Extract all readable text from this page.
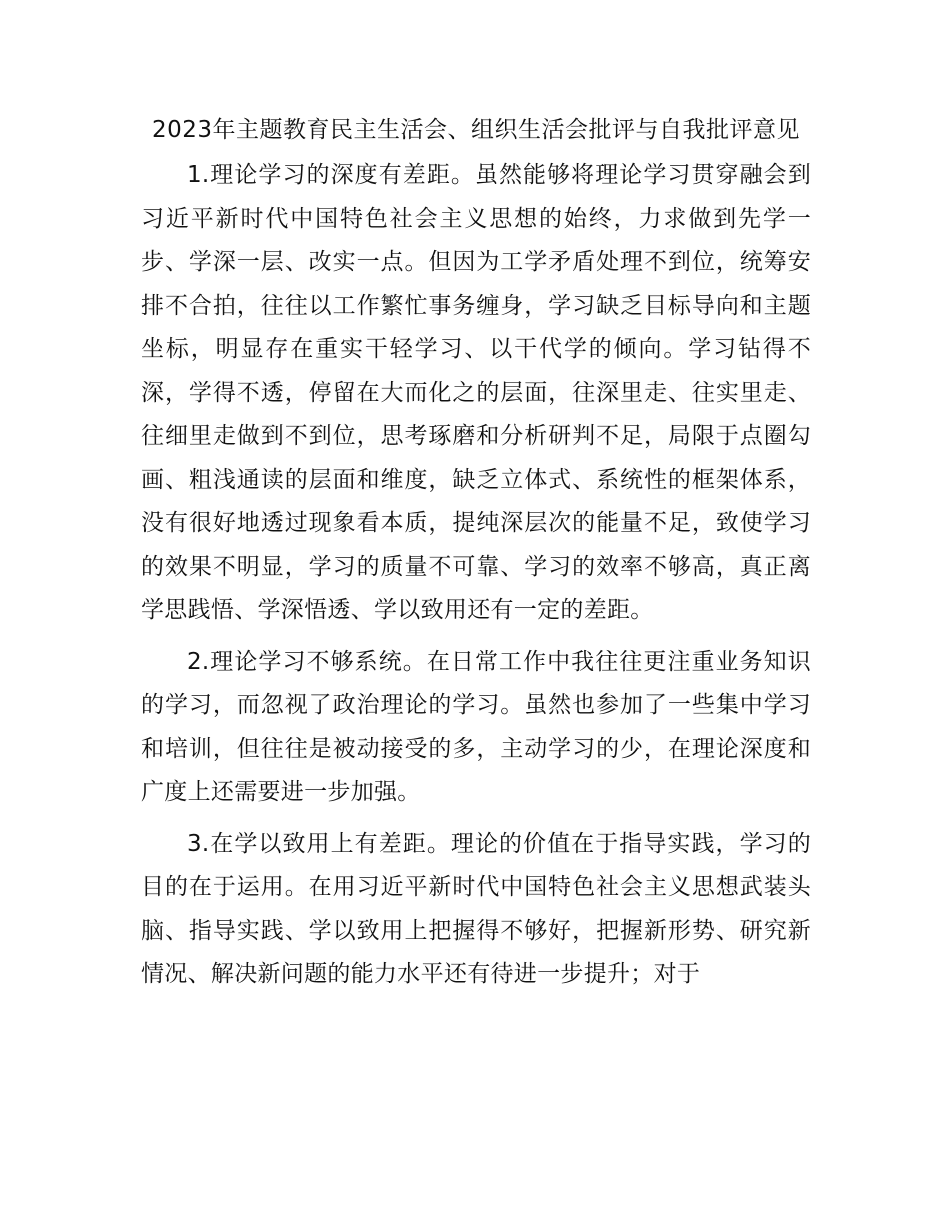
2023年主题教育民主生活会、组织生活会批评与自我批评意见

1.理论学习的深度有差距。虽然能够将理论学习贯穿融会到习近平新时代中国特色社会主义思想的始终，力求做到先学一步、学深一层、改实一点。但因为工学矛盾处理不到位，统筹安排不合拍，往往以工作繁忙事务缠身，学习缺乏目标导向和主题坐标，明显存在重实干轻学习、以干代学的倾向。学习钻得不深，学得不透，停留在大而化之的层面，往深里走、往实里走、往细里走做到不到位，思考琢磨和分析研判不足，局限于点圈勾画、粗浅通读的层面和维度，缺乏立体式、系统性的框架体系，没有很好地透过现象看本质，提纯深层次的能量不足，致使学习的效果不明显，学习的质量不可靠、学习的效率不够高，真正离学思践悟、学深悟透、学以致用还有一定的差距。

2.理论学习不够系统。在日常工作中我往往更注重业务知识的学习，而忽视了政治理论的学习。虽然也参加了一些集中学习和培训，但往往是被动接受的多，主动学习的少，在理论深度和广度上还需要进一步加强。

3.在学以致用上有差距。理论的价值在于指导实践，学习的目的在于运用。在用习近平新时代中国特色社会主义思想武装头脑、指导实践、学以致用上把握得不够好，把握新形势、研究新情况、解决新问题的能力水平还有待进一步提升；对于
